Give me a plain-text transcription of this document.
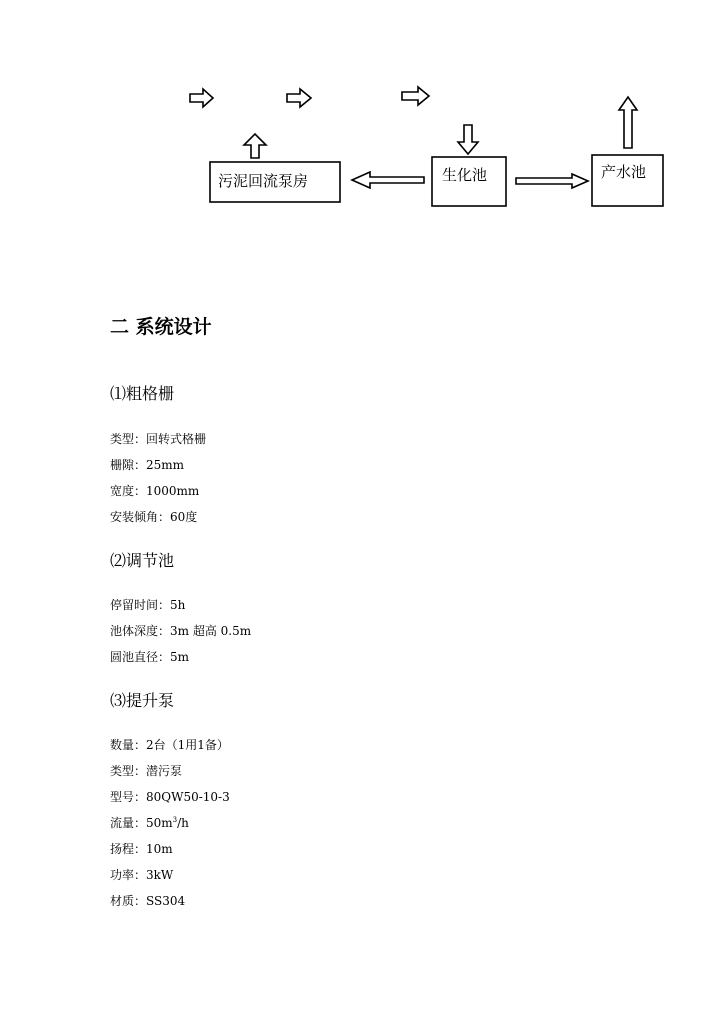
污泥回流泵房	生化池	产水池
二 系统设计
⑴粗格栅

类型：回转式格栅

栅隙：25mm

宽度：1000mm

安装倾角：60度

⑵调节池

停留时间：5h

池体深度：3m 超高 0.5m

圆池直径：5m

⑶提升泵

数量：2台（1用1备）

类型：潜污泵

型号：80QW50-10-3

流量：$50m^3/h$

扬程：10m

功率：3kW

材质：SS304
